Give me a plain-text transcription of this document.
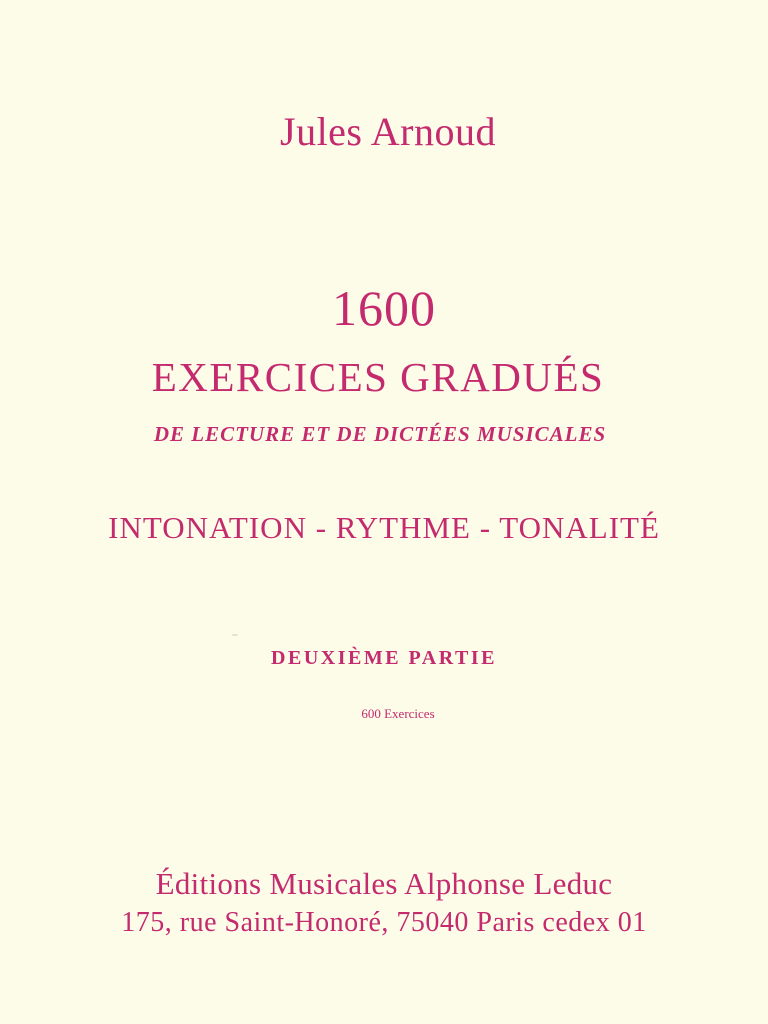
Jules Arnoud
1600
EXERCICES GRADUÉS
DE LECTURE ET DE DICTÉES MUSICALES
INTONATION - RYTHME - TONALITÉ
DEUXIÈME PARTIE
600 Exercices
Éditions Musicales Alphonse Leduc
175, rue Saint-Honoré, 75040 Paris cedex 01
